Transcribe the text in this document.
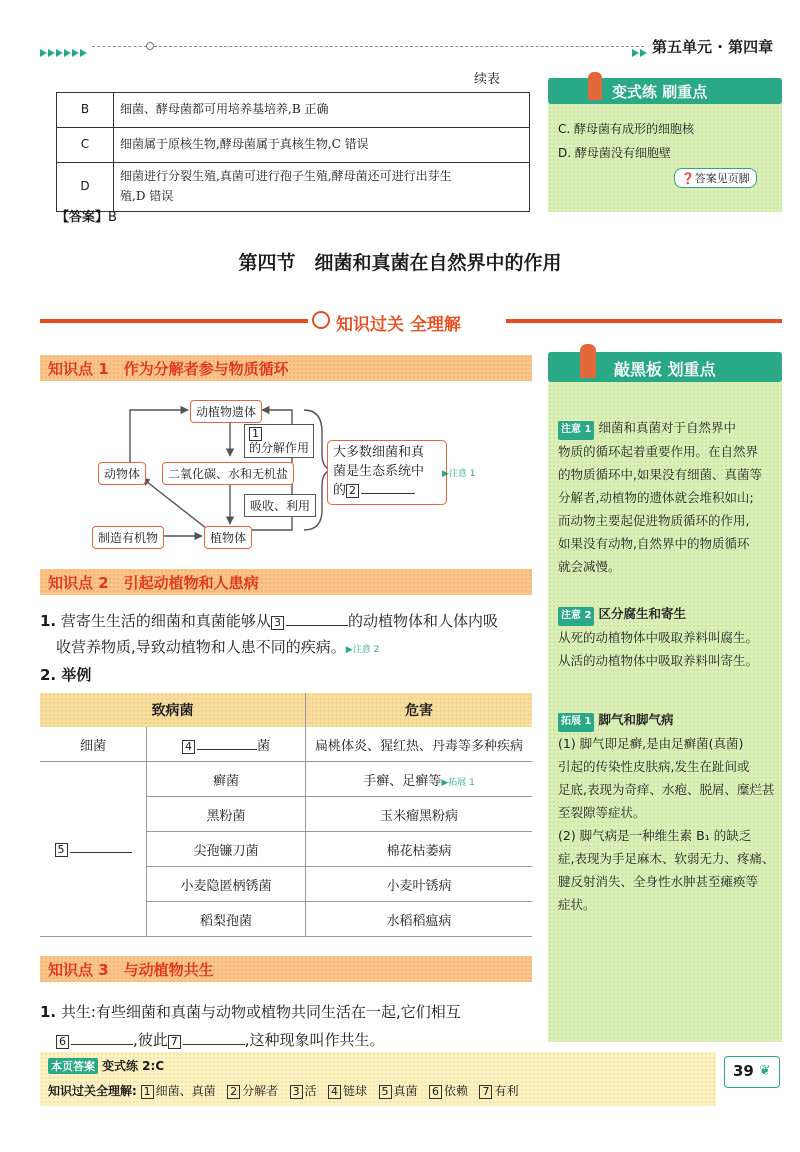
第五单元 · 第四章
续表
B	细菌、酵母菌都可用培养基培养,B 正确
C	细菌属于原核生物,酵母菌属于真核生物,C 错误
D	细菌进行分裂生殖,真菌可进行孢子生殖,酵母菌还可进行出芽生
殖,D 错误
【答案】B
变式练 刷重点
C. 酵母菌有成形的细胞核
D. 酵母菌没有细胞壁
❓答案见页脚
第四节　细菌和真菌在自然界中的作用
知识过关 全理解
知识点 1　作为分解者参与物质循环
动植物遗体
1
的分解作用
二氧化碳、水和无机盐
动物体
吸收、利用
制造有机物	植物体
大多数细菌和真
菌是生态系统中
的 2
▶注意 1
知识点 2　引起动植物和人患病
1. 营寄生生活的细菌和真菌能够从 3	的动植物体和人体内吸
收营养物质,导致动植物和人患不同的疾病。▶注意 2
2. 举例
致病菌		危害
细菌	4 菌	扁桃体炎、猩红热、丹毒等多种疾病
5	癣菌	手癣、足癣等▶拓展 1
	黑粉菌	玉米瘤黑粉病
	尖孢镰刀菌	棉花枯萎病
	小麦隐匿柄锈菌	小麦叶锈病
	稻梨孢菌	水稻稻瘟病
知识点 3　与动植物共生
1. 共生:有些细菌和真菌与动物或植物共同生活在一起,它们相互
6	,彼此 7	,这种现象叫作共生。
敲黑板 划重点
注意 1 细菌和真菌对于自然界中
物质的循环起着重要作用。在自然界
的物质循环中,如果没有细菌、真菌等
分解者,动植物的遗体就会堆积如山;
而动物主要起促进物质循环的作用,
如果没有动物,自然界中的物质循环
就会减慢。
注意 2 区分腐生和寄生
从死的动植物体中吸取养料叫腐生。
从活的动植物体中吸取养料叫寄生。
拓展 1 脚气和脚气病
(1) 脚气即足癣,是由足癣菌(真菌)
引起的传染性皮肤病,发生在趾间或
足底,表现为奇痒、水疱、脱屑、糜烂甚
至裂隙等症状。
(2) 脚气病是一种维生素 B₁ 的缺乏
症,表现为手足麻木、软弱无力、疼痛、
腱反射消失、全身性水肿甚至瘫痪等
症状。
本页答案 变式练 2:C
知识过关全理解: 1 细菌、真菌 2 分解者 3 活 4 链球 5 真菌 6 依赖 7 有利
39 ❦
